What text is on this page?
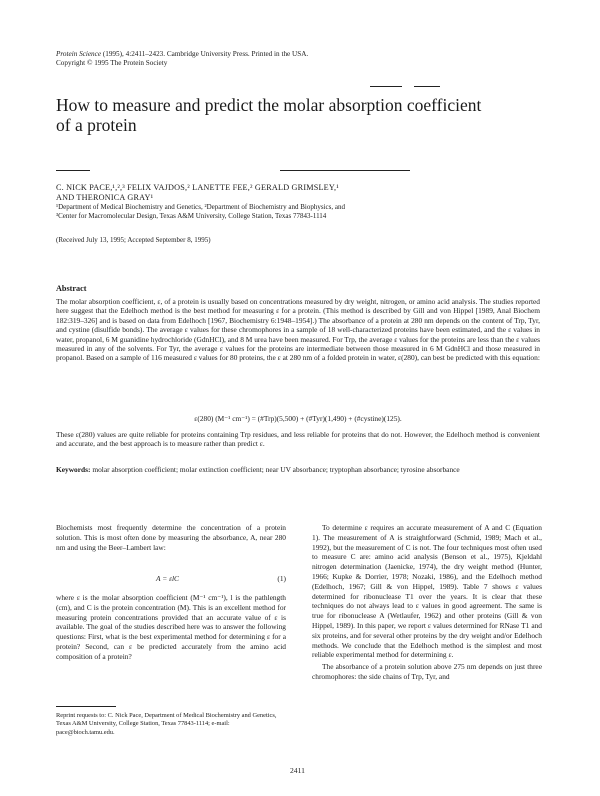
Protein Science (1995), 4:2411–2423. Cambridge University Press. Printed in the USA.
Copyright © 1995 The Protein Society
How to measure and predict the molar absorption coefficient of a protein
C. NICK PACE,¹,²,³ FELIX VAJDOS,² LANETTE FEE,² GERALD GRIMSLEY,¹
AND THERONICA GRAY¹
¹Department of Medical Biochemistry and Genetics, ²Department of Biochemistry and Biophysics, and
³Center for Macromolecular Design, Texas A&M University, College Station, Texas 77843-1114
(Received July 13, 1995; Accepted September 8, 1995)
Abstract
The molar absorption coefficient, ε, of a protein is usually based on concentrations measured by dry weight, nitrogen, or amino acid analysis. The studies reported here suggest that the Edelhoch method is the best method for measuring ε for a protein. (This method is described by Gill and von Hippel [1989, Anal Biochem 182:319–326] and is based on data from Edelhoch [1967, Biochemistry 6:1948–1954].) The absorbance of a protein at 280 nm depends on the content of Trp, Tyr, and cystine (disulfide bonds). The average ε values for these chromophores in a sample of 18 well-characterized proteins have been estimated, and the ε values in water, propanol, 6 M guanidine hydrochloride (GdnHCl), and 8 M urea have been measured. For Trp, the average ε values for the proteins are less than the ε values measured in any of the solvents. For Tyr, the average ε values for the proteins are intermediate between those measured in 6 M GdnHCl and those measured in propanol. Based on a sample of 116 measured ε values for 80 proteins, the ε at 280 nm of a folded protein in water, ε(280), can best be predicted with this equation:
ε(280) (M⁻¹ cm⁻¹) = (#Trp)(5,500) + (#Tyr)(1,490) + (#cystine)(125).
These ε(280) values are quite reliable for proteins containing Trp residues, and less reliable for proteins that do not. However, the Edelhoch method is convenient and accurate, and the best approach is to measure rather than predict ε.
Keywords: molar absorption coefficient; molar extinction coefficient; near UV absorbance; tryptophan absorbance; tyrosine absorbance
Biochemists most frequently determine the concentration of a protein solution. This is most often done by measuring the absorbance, A, near 280 nm and using the Beer–Lambert law:
A = εlC	(1)
where ε is the molar absorption coefficient (M⁻¹ cm⁻¹), l is the pathlength (cm), and C is the protein concentration (M). This is an excellent method for measuring protein concentrations provided that an accurate value of ε is available. The goal of the studies described here was to answer the following questions: First, what is the best experimental method for determining ε for a protein? Second, can ε be predicted accurately from the amino acid composition of a protein?
To determine ε requires an accurate measurement of A and C (Equation 1). The measurement of A is straightforward (Schmid, 1989; Mach et al., 1992), but the measurement of C is not. The four techniques most often used to measure C are: amino acid analysis (Benson et al., 1975), Kjeldahl nitrogen determination (Jaenicke, 1974), the dry weight method (Hunter, 1966; Kupke & Dorrier, 1978; Nozaki, 1986), and the Edelhoch method (Edelhoch, 1967; Gill & von Hippel, 1989). Table 7 shows ε values determined for ribonuclease T1 over the years. It is clear that these techniques do not always lead to ε values in good agreement. The same is true for ribonuclease A (Wetlaufer, 1962) and other proteins (Gill & von Hippel, 1989). In this paper, we report ε values determined for RNase T1 and six proteins, and for several other proteins by the dry weight and/or Edelhoch methods. We conclude that the Edelhoch method is the simplest and most reliable experimental method for determining ε.
The absorbance of a protein solution above 275 nm depends on just three chromophores: the side chains of Trp, Tyr, and
Reprint requests to: C. Nick Pace, Department of Medical Biochemistry and Genetics, Texas A&M University, College Station, Texas 77843-1114; e-mail: pace@bioch.tamu.edu.
2411
